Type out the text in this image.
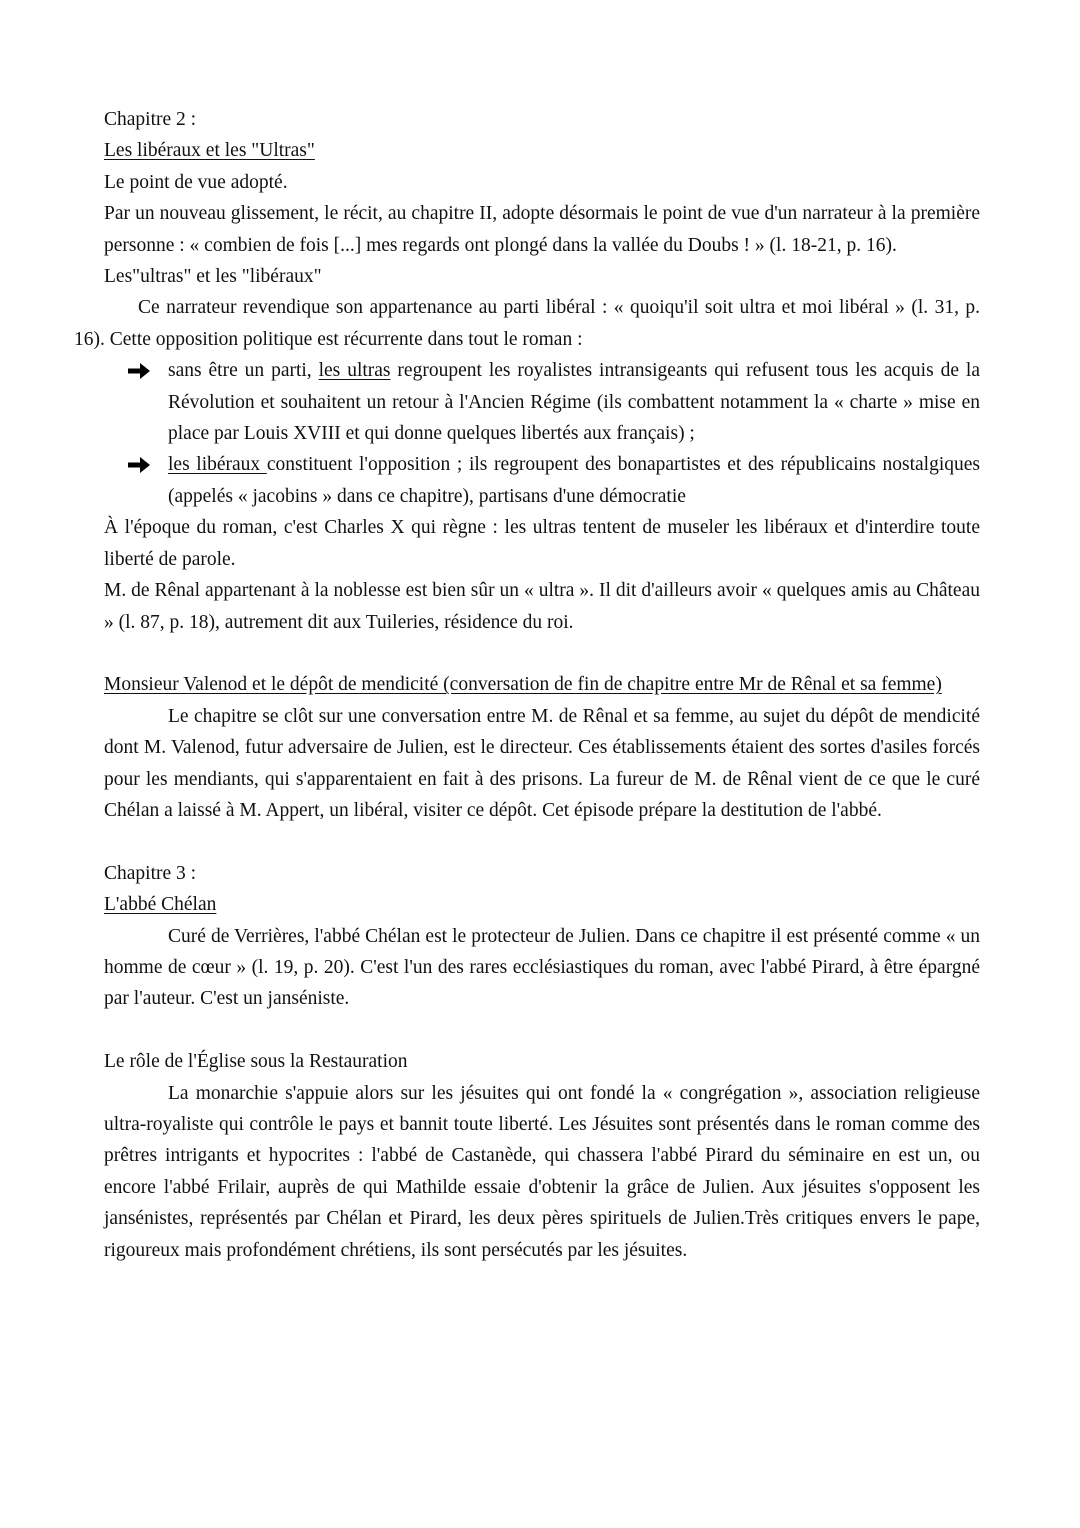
Chapitre 2 :

Les libéraux et les "Ultras"

Le point de vue adopté.

Par un nouveau glissement, le récit, au chapitre II, adopte désormais le point de vue d'un narrateur à la première personne : « combien de fois [...] mes regards ont plongé dans la vallée du Doubs ! » (l. 18-21, p. 16).

Les"ultras" et les "libéraux"

Ce narrateur revendique son appartenance au parti libéral : « quoiqu'il soit ultra et moi libéral » (l. 31, p. 16). Cette opposition politique est récurrente dans tout le roman :

sans être un parti, les ultras regroupent les royalistes intransigeants qui refusent tous les acquis de la Révolution et souhaitent un retour à l'Ancien Régime (ils combattent notamment la « charte » mise en place par Louis XVIII et qui donne quelques libertés aux français) ;
les libéraux constituent l'opposition ; ils regroupent des bonapartistes et des républicains nostalgiques (appelés « jacobins » dans ce chapitre), partisans d'une démocratie

À l'époque du roman, c'est Charles X qui règne : les ultras tentent de museler les libéraux et d'interdire toute liberté de parole.

M. de Rênal appartenant à la noblesse est bien sûr un « ultra ». Il dit d'ailleurs avoir « quelques amis au Château » (l. 87, p. 18), autrement dit aux Tuileries, résidence du roi.

Monsieur Valenod et le dépôt de mendicité (conversation de fin de chapitre entre Mr de Rênal et sa femme)

Le chapitre se clôt sur une conversation entre M. de Rênal et sa femme, au sujet du dépôt de mendicité dont M. Valenod, futur adversaire de Julien, est le directeur. Ces établissements étaient des sortes d'asiles forcés pour les mendiants, qui s'apparentaient en fait à des prisons. La fureur de M. de Rênal vient de ce que le curé Chélan a laissé à M. Appert, un libéral, visiter ce dépôt. Cet épisode prépare la destitution de l'abbé.

Chapitre 3 :

L'abbé Chélan

Curé de Verrières, l'abbé Chélan est le protecteur de Julien. Dans ce chapitre il est présenté comme « un homme de cœur » (l. 19, p. 20). C'est l'un des rares ecclésiastiques du roman, avec l'abbé Pirard, à être épargné par l'auteur. C'est un janséniste.

Le rôle de l'Église sous la Restauration

La monarchie s'appuie alors sur les jésuites qui ont fondé la « congrégation », association religieuse ultra-royaliste qui contrôle le pays et bannit toute liberté. Les Jésuites sont présentés dans le roman comme des prêtres intrigants et hypocrites : l'abbé de Castanède, qui chassera l'abbé Pirard du séminaire en est un, ou encore l'abbé Frilair, auprès de qui Mathilde essaie d'obtenir la grâce de Julien. Aux jésuites s'opposent les jansénistes, représentés par Chélan et Pirard, les deux pères spirituels de Julien.Très critiques envers le pape, rigoureux mais profondément chrétiens, ils sont persécutés par les jésuites.
